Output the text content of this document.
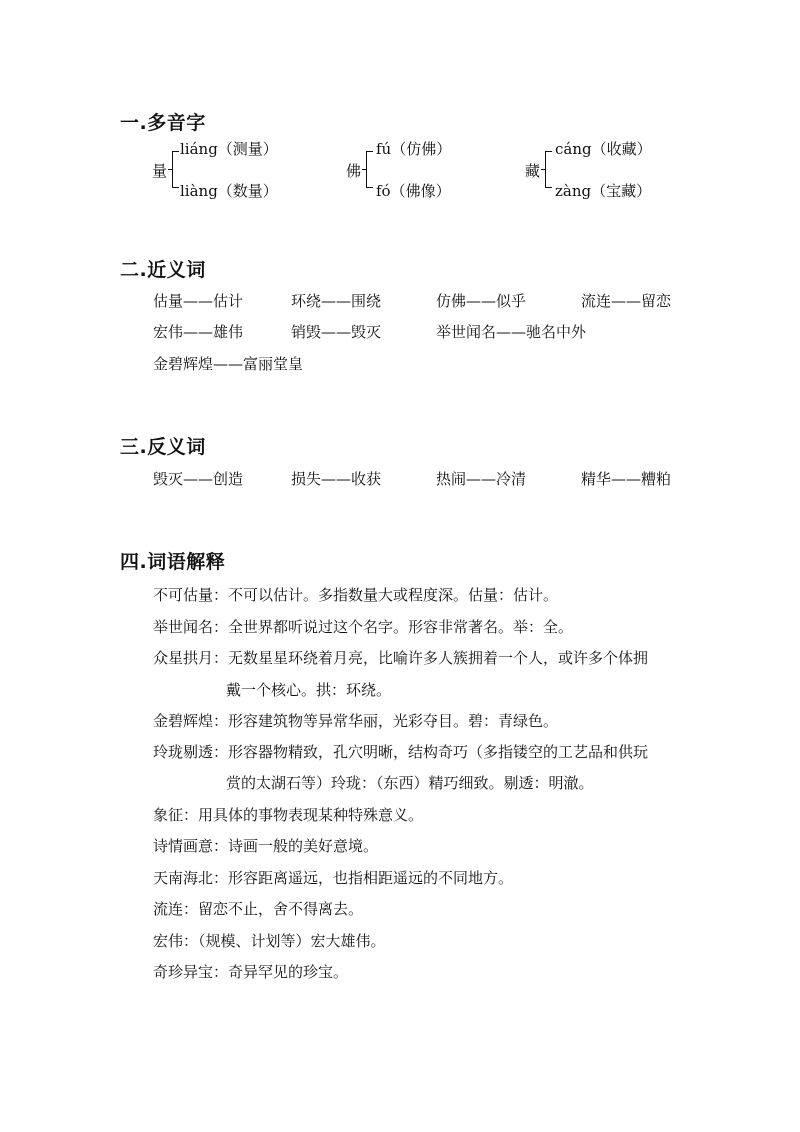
一.多音字
量
liáng（测量）
liàng（数量）
佛
fú（仿佛）
fó（佛像）
藏
cáng（收藏）
zàng（宝藏）
二.近义词
估量——估计	环绕——围绕	仿佛——似乎	流连——留恋
宏伟——雄伟	销毁——毁灭	举世闻名——驰名中外
金碧辉煌——富丽堂皇
三.反义词
毁灭——创造	损失——收获	热闹——冷清	精华——糟粕
四.词语解释
不可估量：不可以估计。多指数量大或程度深。估量：估计。
举世闻名：全世界都听说过这个名字。形容非常著名。举：全。
众星拱月：无数星星环绕着月亮，比喻许多人簇拥着一个人，或许多个体拥
戴一个核心。拱：环绕。
金碧辉煌：形容建筑物等异常华丽，光彩夺目。碧：青绿色。
玲珑剔透：形容器物精致，孔穴明晰，结构奇巧（多指镂空的工艺品和供玩
赏的太湖石等）玲珑：（东西）精巧细致。剔透：明澈。
象征：用具体的事物表现某种特殊意义。
诗情画意：诗画一般的美好意境。
天南海北：形容距离遥远，也指相距遥远的不同地方。
流连：留恋不止，舍不得离去。
宏伟：（规模、计划等）宏大雄伟。
奇珍异宝：奇异罕见的珍宝。
